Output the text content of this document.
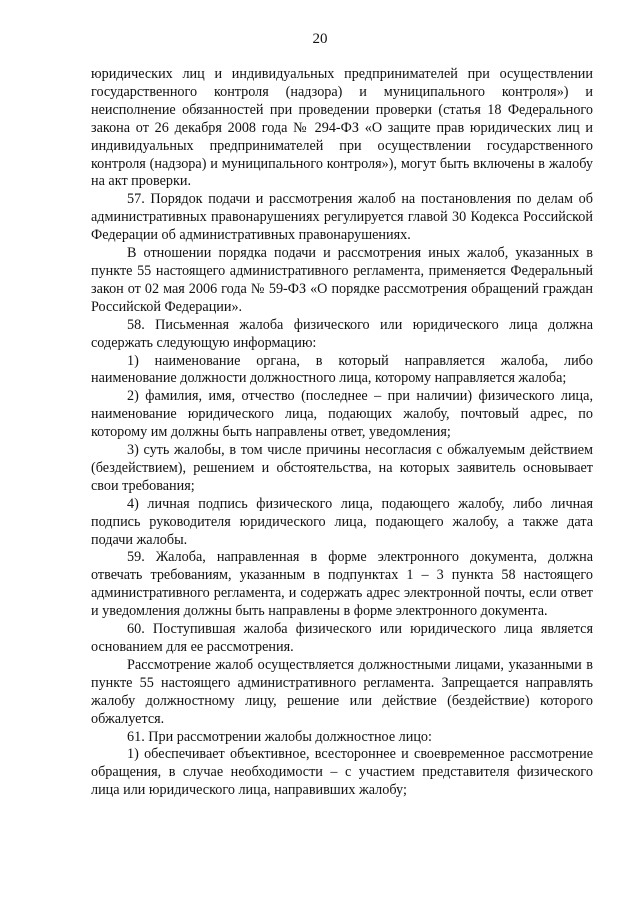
20

юридических лиц и индивидуальных предпринимателей при осуществлении государственного контроля (надзора) и муниципального контроля») и неисполнение обязанностей при проведении проверки (статья 18 Федерального закона от 26 декабря 2008 года № 294-ФЗ «О защите прав юридических лиц и индивидуальных предпринимателей при осуществлении государственного контроля (надзора) и муниципального контроля»), могут быть включены в жалобу на акт проверки.

57. Порядок подачи и рассмотрения жалоб на постановления по делам об административных правонарушениях регулируется главой 30 Кодекса Российской Федерации об административных правонарушениях.

В отношении порядка подачи и рассмотрения иных жалоб, указанных в пункте 55 настоящего административного регламента, применяется Федеральный закон от 02 мая 2006 года № 59-ФЗ «О порядке рассмотрения обращений граждан Российской Федерации».

58. Письменная жалоба физического или юридического лица должна содержать следующую информацию:

1) наименование органа, в который направляется жалоба, либо наименование должности должностного лица, которому направляется жалоба;

2) фамилия, имя, отчество (последнее – при наличии) физического лица, наименование юридического лица, подающих жалобу, почтовый адрес, по которому им должны быть направлены ответ, уведомления;

3) суть жалобы, в том числе причины несогласия с обжалуемым действием (бездействием), решением и обстоятельства, на которых заявитель основывает свои требования;

4) личная подпись физического лица, подающего жалобу, либо личная подпись руководителя юридического лица, подающего жалобу, а также дата подачи жалобы.

59. Жалоба, направленная в форме электронного документа, должна отвечать требованиям, указанным в подпунктах 1 – 3 пункта 58 настоящего административного регламента, и содержать адрес электронной почты, если ответ и уведомления должны быть направлены в форме электронного документа.

60. Поступившая жалоба физического или юридического лица является основанием для ее рассмотрения.

Рассмотрение жалоб осуществляется должностными лицами, указанными в пункте 55 настоящего административного регламента. Запрещается направлять жалобу должностному лицу, решение или действие (бездействие) которого обжалуется.

61. При рассмотрении жалобы должностное лицо:

1) обеспечивает объективное, всестороннее и своевременное рассмотрение обращения, в случае необходимости – с участием представителя физического лица или юридического лица, направивших жалобу;
